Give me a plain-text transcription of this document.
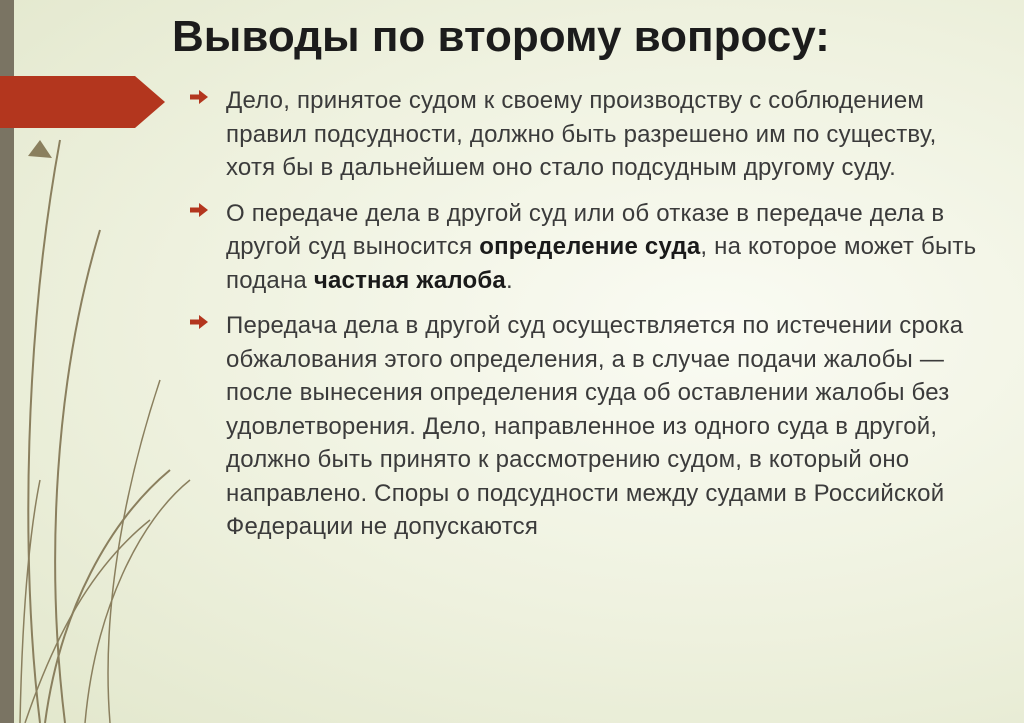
Выводы по второму вопросу:
Дело, принятое судом к своему производству с соблюдением правил подсудности, должно быть разрешено им по существу, хотя бы в дальнейшем оно стало подсудным другому суду.
О передаче дела в другой суд или об отказе в передаче дела в другой суд выносится определение суда, на которое может быть подана частная жалоба.
Передача дела в другой суд осуществляется по истечении срока обжалования этого определения, а в случае подачи жалобы — после вынесения определения суда об оставлении жалобы без удовлетворения. Дело, направленное из одного суда в другой, должно быть принято к рассмотрению судом, в который оно направлено. Споры о подсудности между судами в Российской Федерации не допускаются
